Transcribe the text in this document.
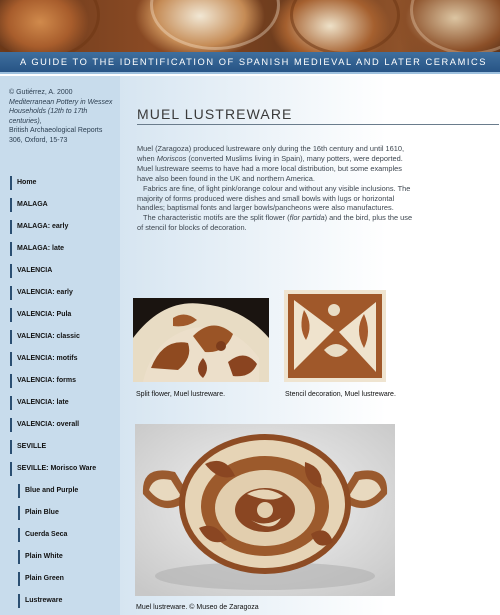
A GUIDE TO THE IDENTIFICATION OF SPANISH MEDIEVAL AND LATER CERAMICS
© Gutiérrez, A. 2000
Mediterranean Pottery in Wessex Households (12th to 17th centuries),
British Archaeological Reports 306, Oxford, 15-73
Home
MALAGA
MALAGA: early
MALAGA: late
VALENCIA
VALENCIA: early
VALENCIA: Pula
VALENCIA: classic
VALENCIA: motifs
VALENCIA: forms
VALENCIA: late
VALENCIA: overall
SEVILLE
SEVILLE: Morisco Ware
Blue and Purple
Plain Blue
Cuerda Seca
Plain White
Plain Green
Lustreware
MUEL LUSTREWARE

Muel (Zaragoza) produced lustreware only during the 16th century and until 1610, when Moriscos (converted Muslims living in Spain), many potters, were deported. Muel lustreware seems to have had a more local distribution, but some examples have also been found in the UK and northern America.

Fabrics are fine, of light pink/orange colour and without any visible inclusions. The majority of forms produced were dishes and small bowls with lugs or horizontal handles; baptismal fonts and larger bowls/pancheons were also manufactures.

The characteristic motifs are the split flower (flor partida) and the bird, plus the use of stencil for blocks of decoration.

Split flower, Muel lustreware.	Stencil decoration, Muel lustreware.
Muel lustreware. © Museo de Zaragoza
